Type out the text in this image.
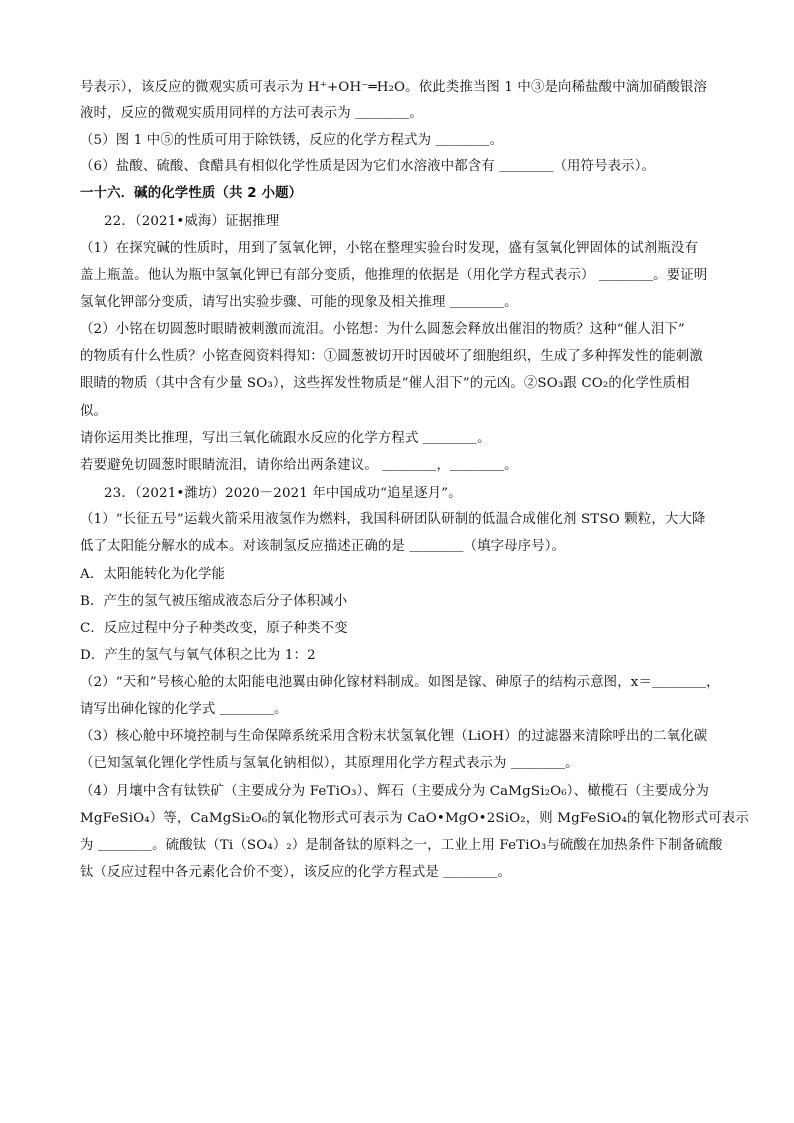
号表示），该反应的微观实质可表示为 H⁺+OH⁻═H₂O。依此类推当图 1 中③是向稀盐酸中滴加硝酸银溶
液时，反应的微观实质用同样的方法可表示为 ＿＿＿＿。
（5）图 1 中⑤的性质可用于除铁锈，反应的化学方程式为 ＿＿＿＿。
（6）盐酸、硫酸、食醋具有相似化学性质是因为它们水溶液中都含有 ＿＿＿＿（用符号表示）。
一十六．碱的化学性质（共 2 小题）
22．（2021•威海）证据推理
（1）在探究碱的性质时，用到了氢氧化钾，小铭在整理实验台时发现，盛有氢氧化钾固体的试剂瓶没有
盖上瓶盖。他认为瓶中氢氧化钾已有部分变质，他推理的依据是（用化学方程式表示） ＿＿＿＿。要证明
氢氧化钾部分变质，请写出实验步骤、可能的现象及相关推理 ＿＿＿＿。
（2）小铭在切圆葱时眼睛被刺激而流泪。小铭想：为什么圆葱会释放出催泪的物质？这种“催人泪下”
的物质有什么性质？小铭查阅资料得知：①圆葱被切开时因破坏了细胞组织，生成了多种挥发性的能刺激
眼睛的物质（其中含有少量 SO₃），这些挥发性物质是“催人泪下”的元凶。②SO₃跟 CO₂的化学性质相
似。
请你运用类比推理，写出三氧化硫跟水反应的化学方程式 ＿＿＿＿。
若要避免切圆葱时眼睛流泪，请你给出两条建议。 ＿＿＿＿，＿＿＿＿。
23．（2021•潍坊）2020－2021 年中国成功“追星逐月”。
（1）“长征五号”运载火箭采用液氢作为燃料，我国科研团队研制的低温合成催化剂 STSO 颗粒，大大降
低了太阳能分解水的成本。对该制氢反应描述正确的是 ＿＿＿＿（填字母序号）。
A．太阳能转化为化学能
B．产生的氢气被压缩成液态后分子体积减小
C．反应过程中分子种类改变，原子种类不变
D．产生的氢气与氧气体积之比为 1：2
（2）“天和”号核心舱的太阳能电池翼由砷化镓材料制成。如图是镓、砷原子的结构示意图，x＝＿＿＿＿，
请写出砷化镓的化学式 ＿＿＿＿。
（3）核心舱中环境控制与生命保障系统采用含粉末状氢氧化锂（LiOH）的过滤器来清除呼出的二氧化碳
（已知氢氧化锂化学性质与氢氧化钠相似），其原理用化学方程式表示为 ＿＿＿＿。
（4）月壤中含有钛铁矿（主要成分为 FeTiO₃）、辉石（主要成分为 CaMgSi₂O₆）、橄榄石（主要成分为
MgFeSiO₄）等，CaMgSi₂O₆的氧化物形式可表示为 CaO•MgO•2SiO₂，则 MgFeSiO₄的氧化物形式可表示
为 ＿＿＿＿。硫酸钛（Ti（SO₄）₂）是制备钛的原料之一，工业上用 FeTiO₃与硫酸在加热条件下制备硫酸
钛（反应过程中各元素化合价不变），该反应的化学方程式是 ＿＿＿＿。
